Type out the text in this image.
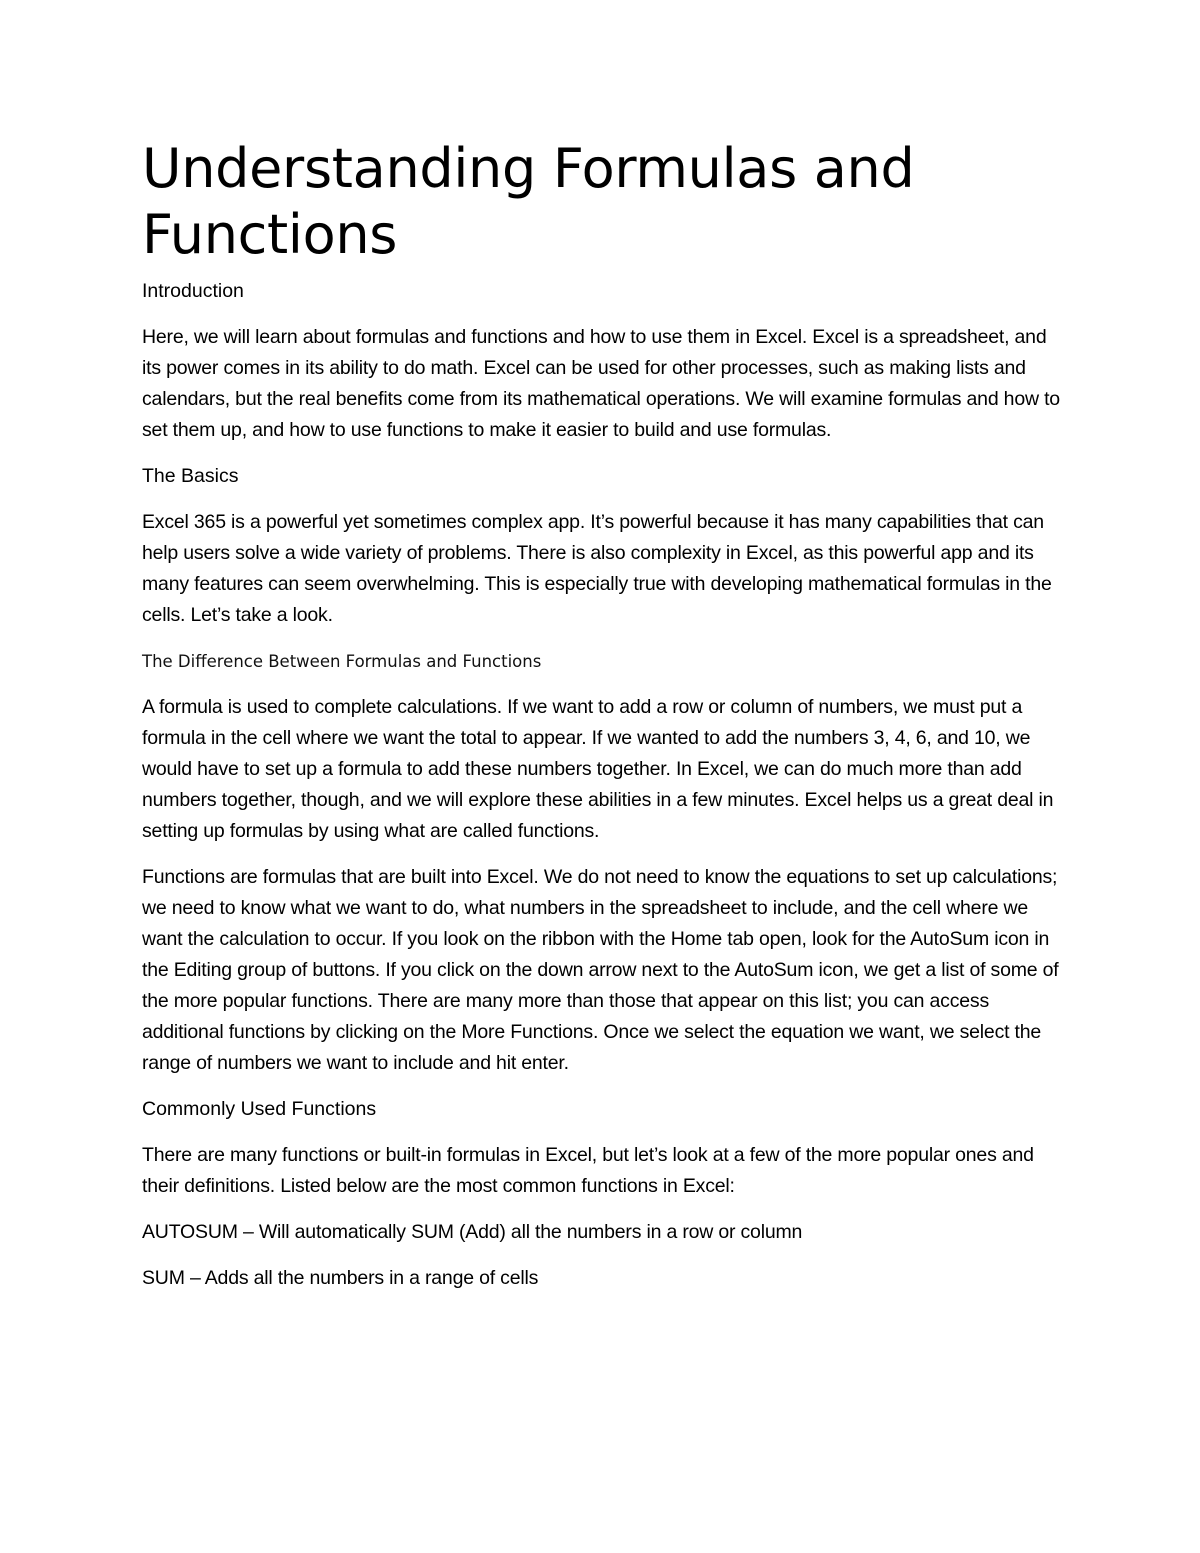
Understanding Formulas and Functions
Introduction

Here, we will learn about formulas and functions and how to use them in Excel. Excel is a spreadsheet, and its power comes in its ability to do math. Excel can be used for other processes, such as making lists and calendars, but the real benefits come from its mathematical operations. We will examine formulas and how to set them up, and how to use functions to make it easier to build and use formulas.

The Basics

Excel 365 is a powerful yet sometimes complex app. It’s powerful because it has many capabilities that can help users solve a wide variety of problems. There is also complexity in Excel, as this powerful app and its many features can seem overwhelming. This is especially true with developing mathematical formulas in the cells. Let’s take a look.

The Difference Between Formulas and Functions

A formula is used to complete calculations. If we want to add a row or column of numbers, we must put a formula in the cell where we want the total to appear. If we wanted to add the numbers 3, 4, 6, and 10, we would have to set up a formula to add these numbers together. In Excel, we can do much more than add numbers together, though, and we will explore these abilities in a few minutes. Excel helps us a great deal in setting up formulas by using what are called functions.

Functions are formulas that are built into Excel. We do not need to know the equations to set up calculations; we need to know what we want to do, what numbers in the spreadsheet to include, and the cell where we want the calculation to occur. If you look on the ribbon with the Home tab open, look for the AutoSum icon in the Editing group of buttons. If you click on the down arrow next to the AutoSum icon, we get a list of some of the more popular functions. There are many more than those that appear on this list; you can access additional functions by clicking on the More Functions. Once we select the equation we want, we select the range of numbers we want to include and hit enter.

Commonly Used Functions

There are many functions or built-in formulas in Excel, but let’s look at a few of the more popular ones and their definitions. Listed below are the most common functions in Excel:

AUTOSUM – Will automatically SUM (Add) all the numbers in a row or column

SUM – Adds all the numbers in a range of cells
